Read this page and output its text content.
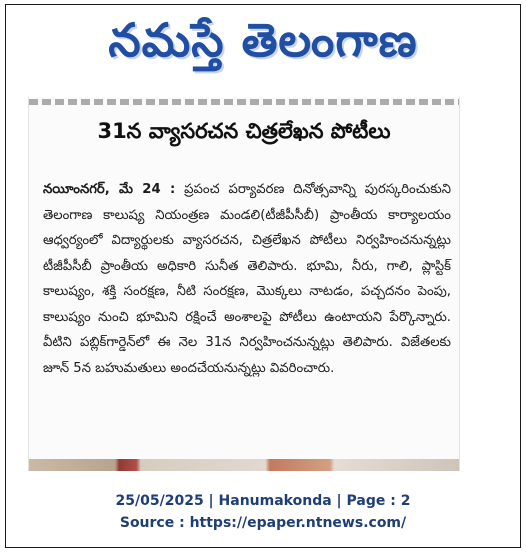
నమస్తే తెలంగాణ
31న వ్యాసరచన చిత్రలేఖన పోటీలు

నయీంనగర్, మే 24 : ప్రపంచ పర్యావరణ దినోత్సవాన్ని పురస్కరించుకుని తెలంగాణ కాలుష్య నియంత్రణ మండలి(టీజీపీసీబీ) ప్రాంతీయ కార్యాలయం ఆధ్వర్యంలో విద్యార్థులకు వ్యాసరచన, చిత్రలేఖన పోటీలు నిర్వహించనున్నట్లు టీజీపీసీబీ ప్రాంతీయ అధికారి సునీత తెలిపారు. భూమి, నీరు, గాలి, ప్లాస్టిక్ కాలుష్యం, శక్తి సంరక్షణ, నీటి సంరక్షణ, మొక్కలు నాటడం, పచ్చదనం పెంపు, కాలుష్యం నుంచి భూమిని రక్షించే అంశాలపై పోటీలు ఉంటాయని పేర్కొన్నారు. వీటిని పబ్లిక్‌గార్డెన్‌లో ఈ నెల 31న నిర్వహించనున్నట్లు తెలిపారు. విజేతలకు జూన్ 5న బహుమతులు అందచేయనున్నట్లు వివరించారు.

25/05/2025 | Hanumakonda | Page : 2
Source : https://epaper.ntnews.com/
